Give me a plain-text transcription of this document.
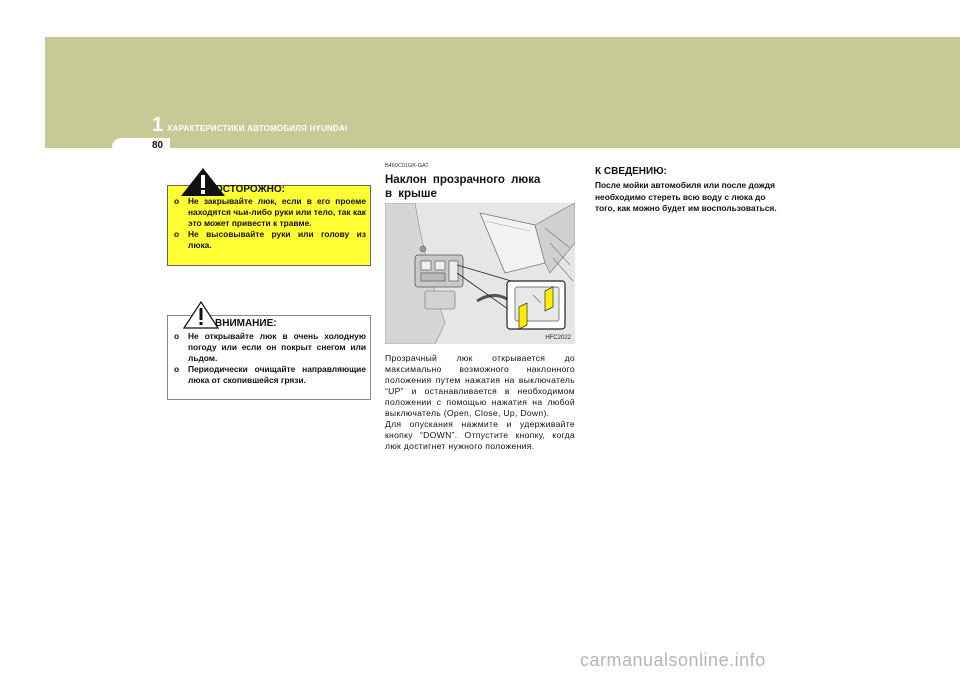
1 ХАРАКТЕРИСТИКИ АВТОМОБИЛЯ HYUNDAI
80
o Не закрывайте люк, если в его проеме находятся чьи-либо руки или тело, так как это может привести к травме.
o Не высовывайте руки или голову из люка.
ОСТОРОЖНО:
o Не открывайте люк в очень холодную погоду или если он покрыт снегом или льдом.
o Периодически очищайте направляющие люка от скопившейся грязи.
ВНИМАНИЕ:
B460C01GK-GAT
Наклон прозрачного люка в крыше
HFC2022

Прозрачный люк открывается до максимально возможного наклонного положения путем нажатия на выключатель “UP” и останавливается в необходимом положении с помощью нажатия на любой выключатель (Open, Close, Up, Down).

Для опускания нажмите и удерживайте кнопку “DOWN”. Отпустите кнопку, когда люк достигнет нужного положения.

К СВЕДЕНИЮ:
После мойки автомобиля или после дождя необходимо стереть всю воду с люка до того, как можно будет им воспользоваться.
carmanualsonline.info
